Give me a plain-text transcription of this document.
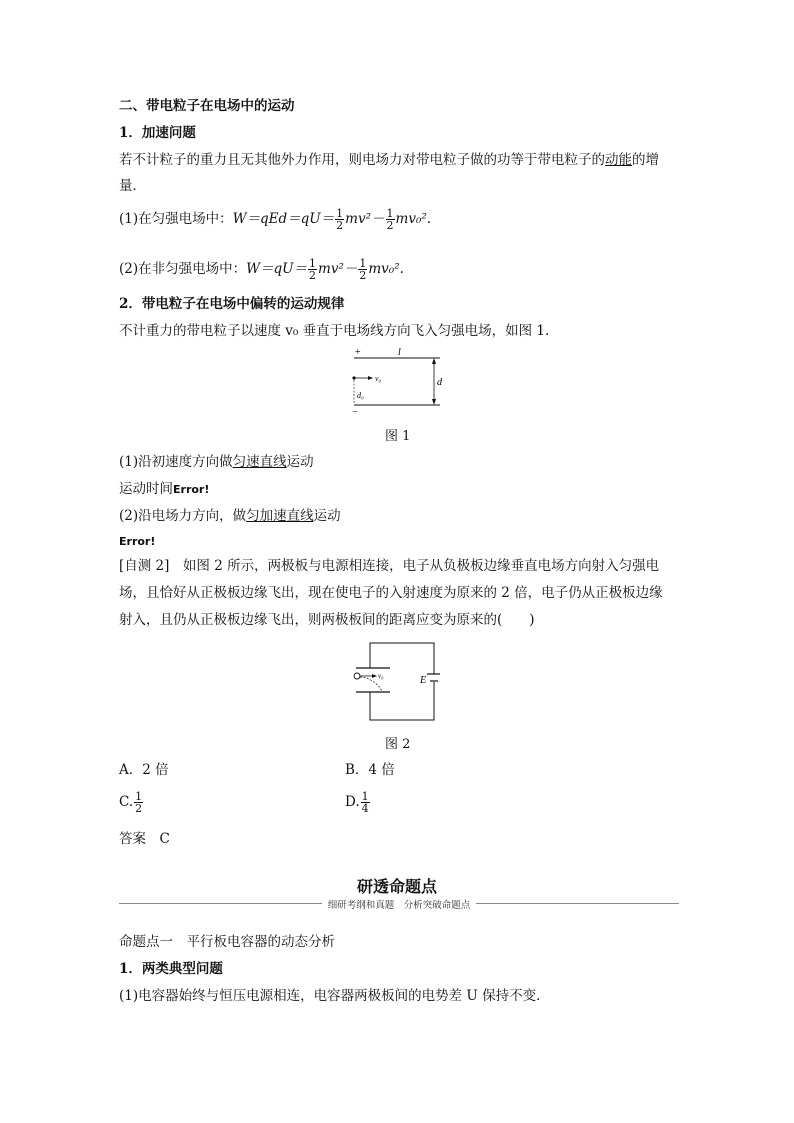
二、带电粒子在电场中的运动
1．加速问题
若不计粒子的重力且无其他外力作用，则电场力对带电粒子做的功等于带电粒子的动能的增
量．
(1)在匀强电场中：$W=qEd=qU= \frac{1}{2} mv^2- \frac{1}{2} mv_0^2$.
(2)在非匀强电场中：$W=qU= \frac{1}{2} mv^2- \frac{1}{2} mv_0^2$.
2．带电粒子在电场中偏转的运动规律
不计重力的带电粒子以速度 v₀ 垂直于电场线方向飞入匀强电场，如图 1.
+	l
d
v₀
d₀
−
图 1
(1)沿初速度方向做匀速直线运动
运动时间Error!
(2)沿电场力方向，做匀加速直线运动
Error!
[自测 2]　如图 2 所示，两极板与电源相连接，电子从负极板边缘垂直电场方向射入匀强电
场，且恰好从正极板边缘飞出，现在使电子的入射速度为原来的 2 倍，电子仍从正极板边缘
射入，且仍从正极板边缘飞出，则两极板间的距离应变为原来的(　　)
v₀	E
图 2
A．2 倍	B．4 倍
C. $\frac{1}{2}$	D. $\frac{1}{4}$
答案　C
研透命题点
细研考纲和真题　分析突破命题点
命题点一　平行板电容器的动态分析
1．两类典型问题
(1)电容器始终与恒压电源相连，电容器两极板间的电势差 U 保持不变．
